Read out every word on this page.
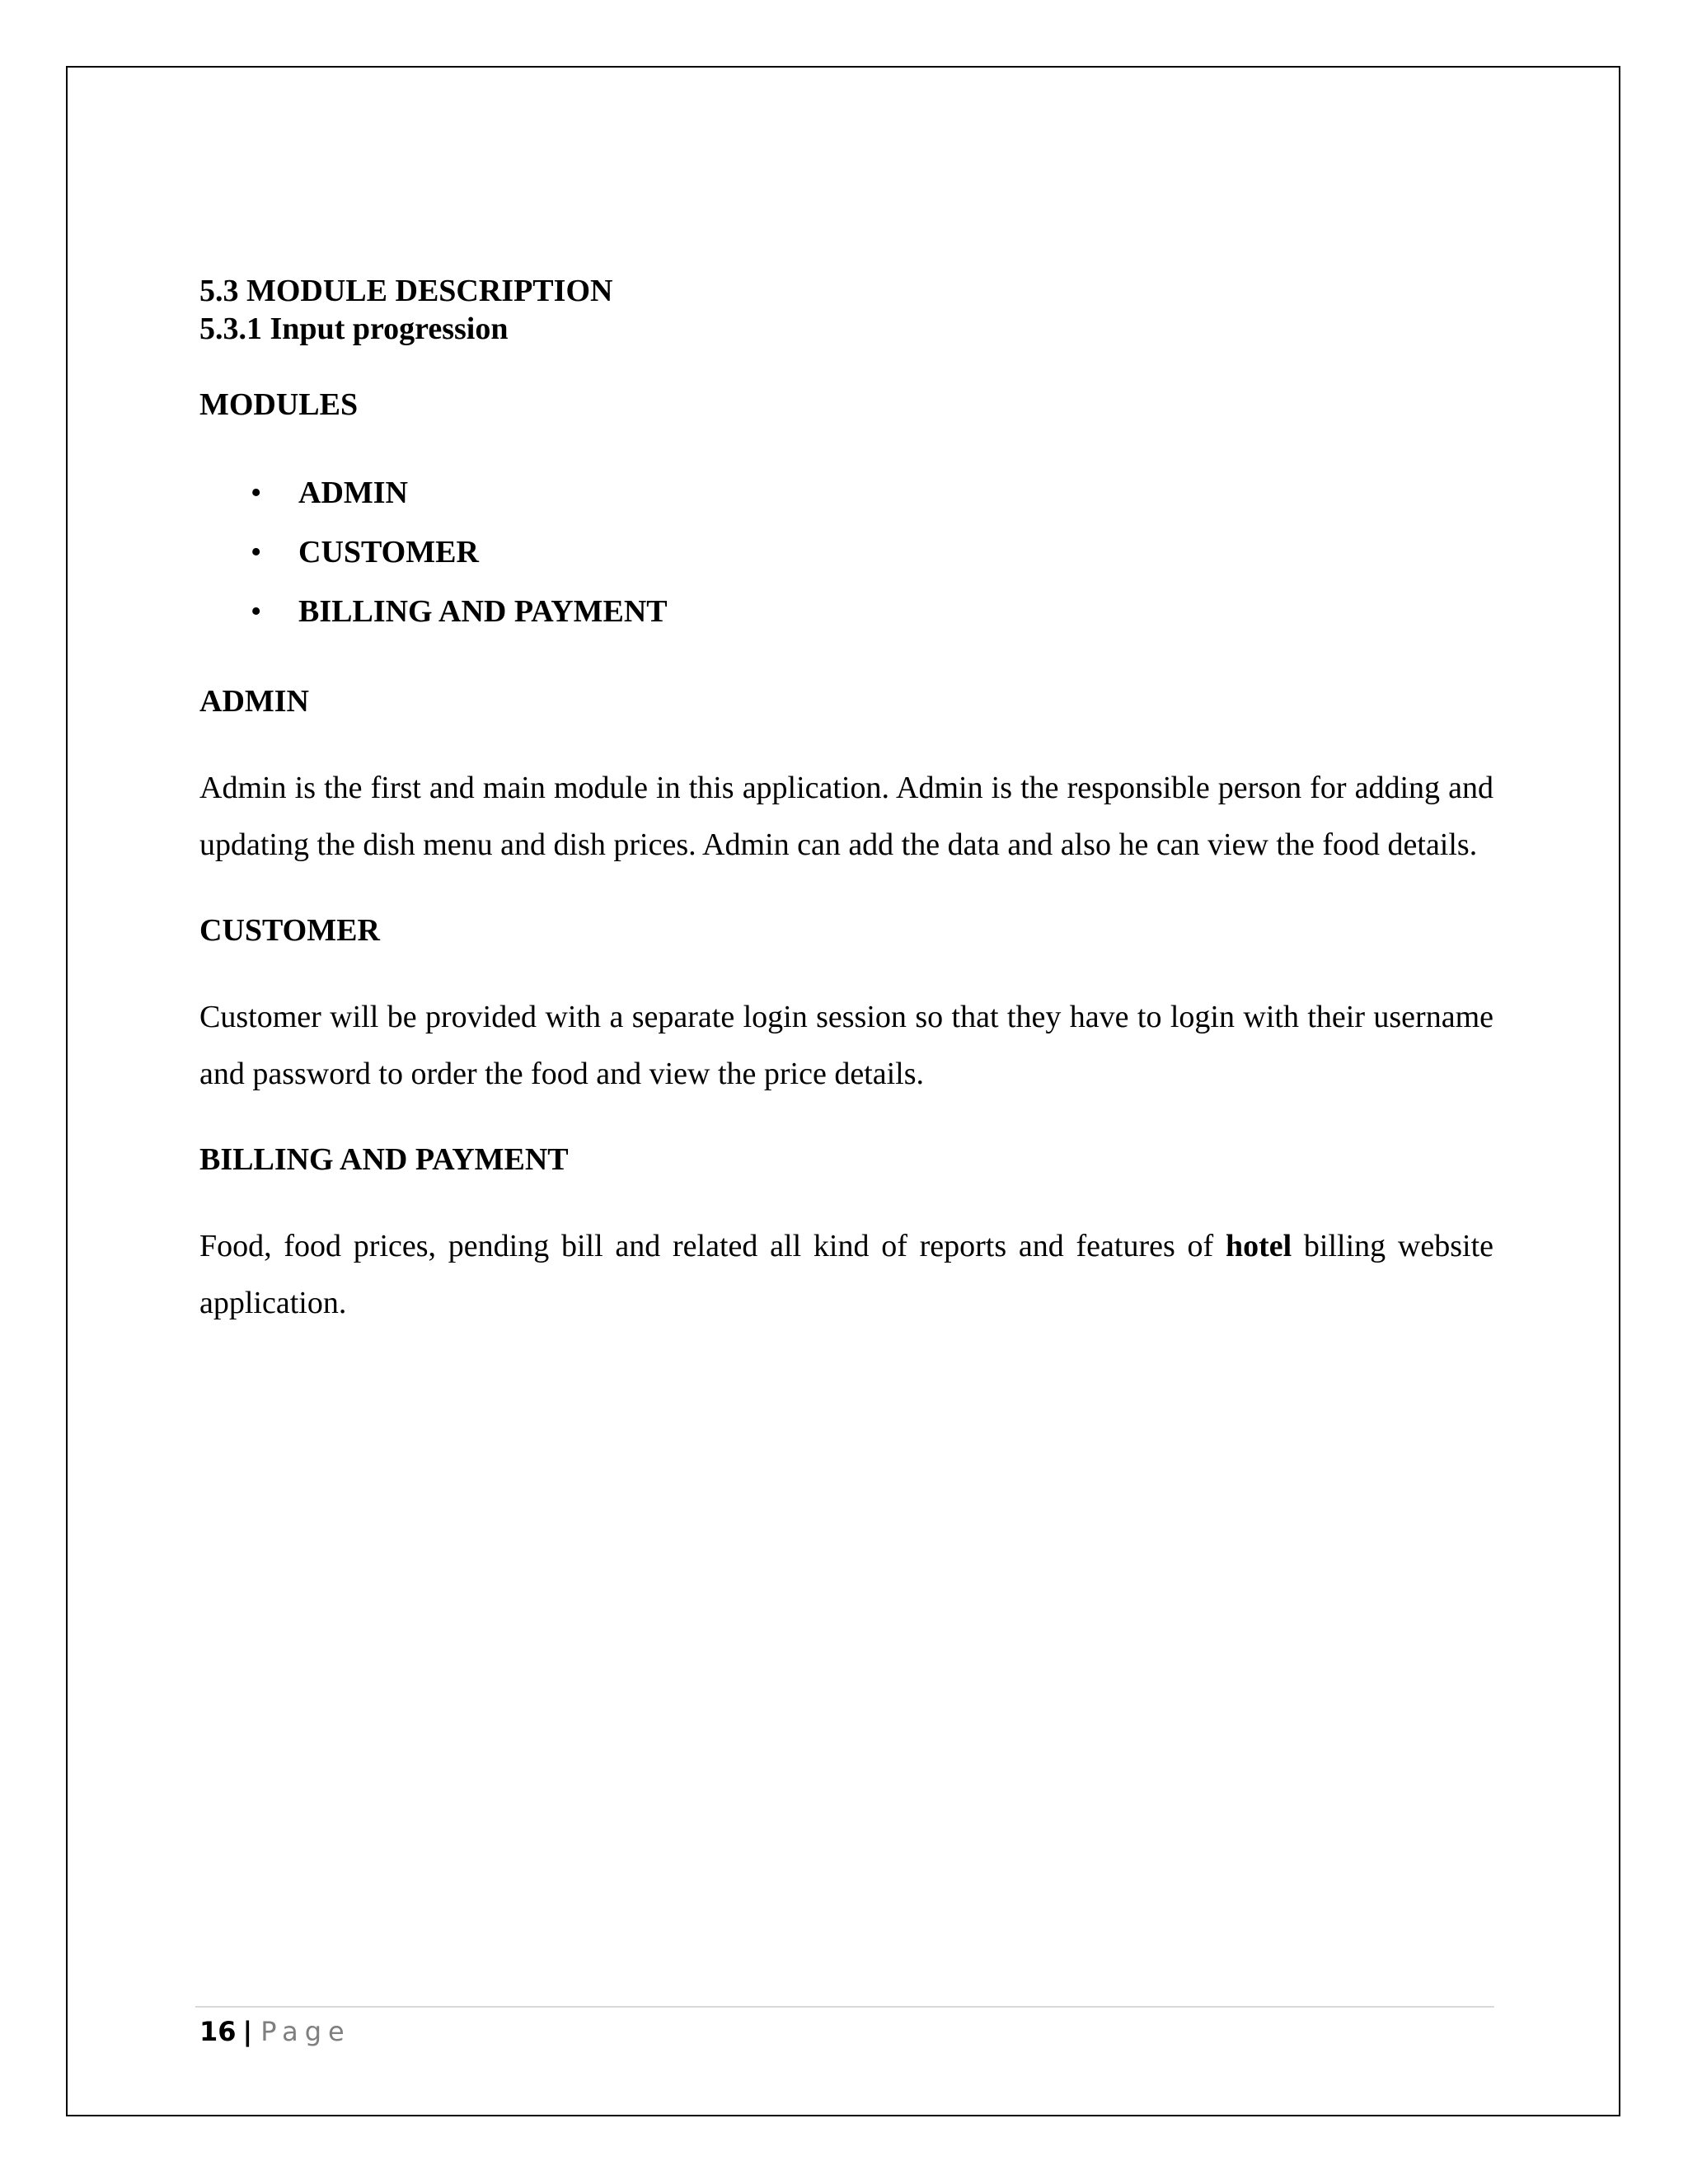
5.3 MODULE DESCRIPTION
5.3.1 Input progression
MODULES
• ADMIN
• CUSTOMER
• BILLING AND PAYMENT
ADMIN

Admin is the first and main module in this application. Admin is the responsible person for adding and updating the dish menu and dish prices. Admin can add the data and also he can view the food details.

CUSTOMER

Customer will be provided with a separate login session so that they have to login with their username and password to order the food and view the price details.

BILLING AND PAYMENT

Food, food prices, pending bill and related all kind of reports and features of hotel billing website application.

16 | Page
